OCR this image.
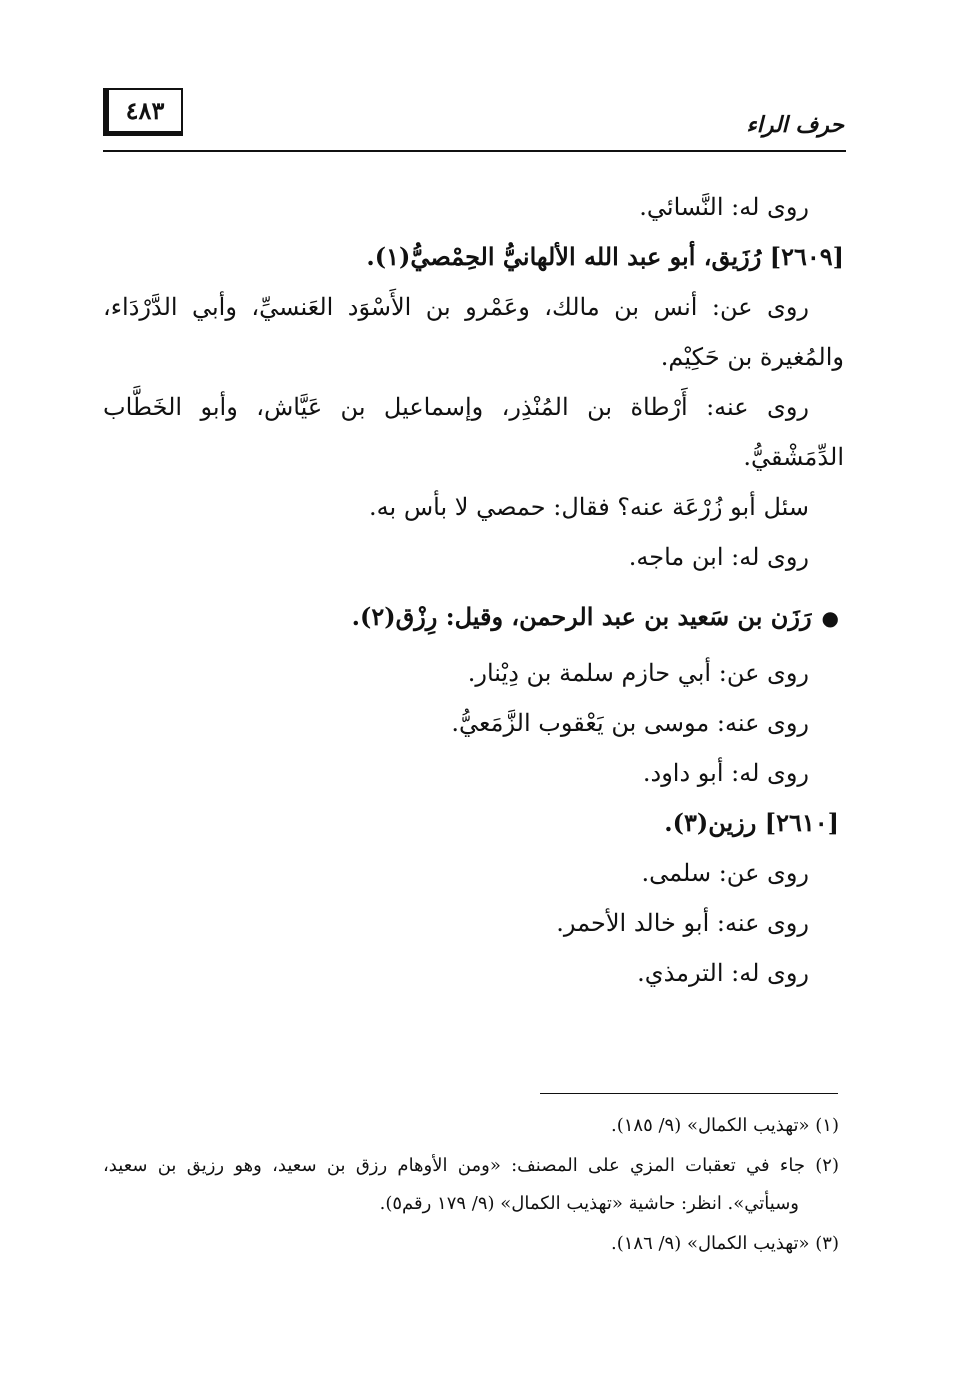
٤٨٣	حرف الراء
روى له: النَّسائي.
[٢٦٠٩] رُزَيق، أبو عبد الله الألهانيُّ الحِمْصيُّ(١).
روى عن: أنس بن مالك، وعَمْرو بن الأَسْوَد العَنسيِّ، وأبي الدَّرْدَاء،
والمُغيرة بن حَكِيْم.
روى عنه: أَرْطاة بن المُنْذِر، وإسماعيل بن عَيَّاش، وأبو الخَطَّاب
الدِّمَشْقيُّ.
سئل أبو زُرْعَة عنه؟ فقال: حمصي لا بأس به.
روى له: ابن ماجه.
●رَزَن بن سَعيد بن عبد الرحمن، وقيل: رِزْق(٢).
روى عن: أبي حازم سلمة بن دِيْنار.
روى عنه: موسى بن يَعْقوب الزَّمَعيُّ.
روى له: أبو داود.
[٢٦١٠] رزين(٣).
روى عن: سلمى.
روى عنه: أبو خالد الأحمر.
روى له: الترمذي.
(١) «تهذيب الكمال» (٩/ ١٨٥).
(٢) جاء في تعقبات المزي على المصنف: «ومن الأوهام رزق بن سعيد، وهو رزيق بن سعيد،
وسيأتي». انظر: حاشية «تهذيب الكمال» (٩/ ١٧٩ رقم٥).
(٣) «تهذيب الكمال» (٩/ ١٨٦).
